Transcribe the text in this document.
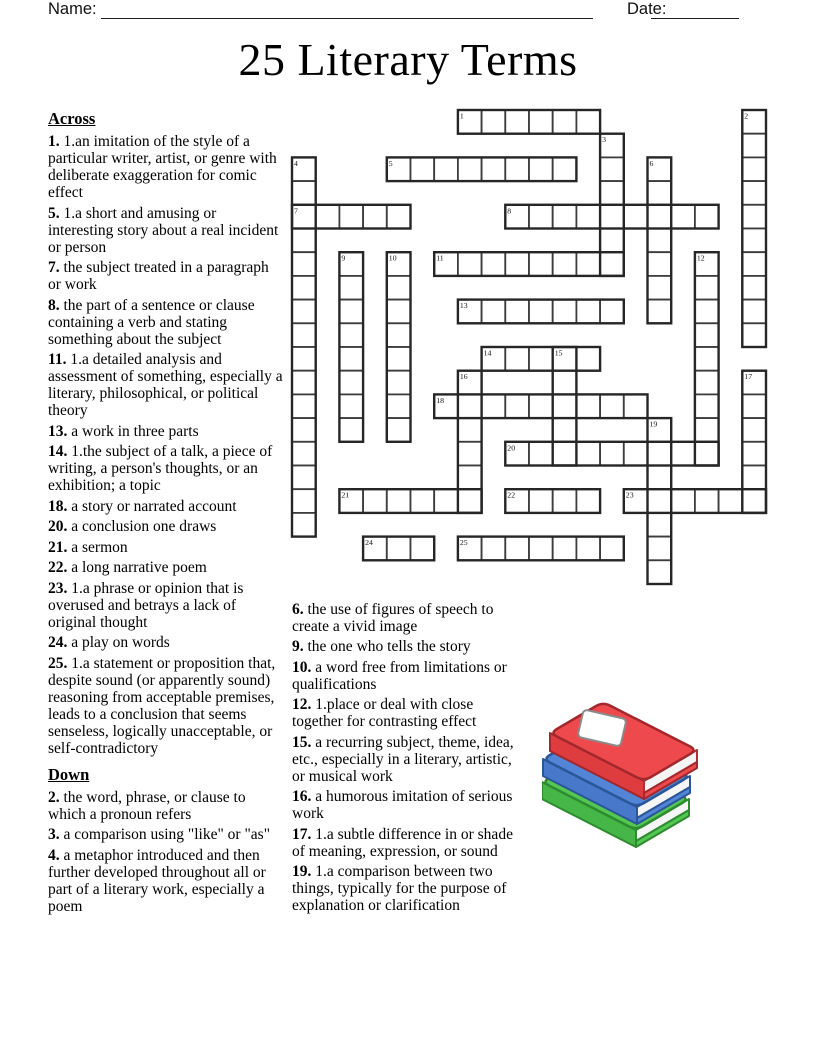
Name:	Date:
25 Literary Terms

Across

1. 1.an imitation of the style of a particular writer, artist, or genre with deliberate exaggeration for comic effect

5. 1.a short and amusing or interesting story about a real incident or person

7. the subject treated in a paragraph or work

8. the part of a sentence or clause containing a verb and stating something about the subject

11. 1.a detailed analysis and assessment of something, especially a literary, philosophical, or political theory

13. a work in three parts

14. 1.the subject of a talk, a piece of writing, a person's thoughts, or an exhibition; a topic

18. a story or narrated account

20. a conclusion one draws

21. a sermon

22. a long narrative poem

23. 1.a phrase or opinion that is overused and betrays a lack of original thought

24. a play on words

25. 1.a statement or proposition that, despite sound (or apparently sound) reasoning from acceptable premises, leads to a conclusion that seems senseless, logically unacceptable, or self-contradictory

Down

2. the word, phrase, or clause to which a pronoun refers

3. a comparison using "like" or "as"

4. a metaphor introduced and then further developed throughout all or part of a literary work, especially a poem

6. the use of figures of speech to create a vivid image

9. the one who tells the story

10. a word free from limitations or qualifications

12. 1.place or deal with close together for contrasting effect

15. a recurring subject, theme, idea, etc., especially in a literary, artistic, or musical work

16. a humorous imitation of serious work

17. 1.a subtle difference in or shade of meaning, expression, or sound

19. 1.a comparison between two things, typically for the purpose of explanation or clarification

1	2
3
4	5	6
7	8
9	10	11	12
13
14	15
16	17
18
19
20
21	22	23
24	25
